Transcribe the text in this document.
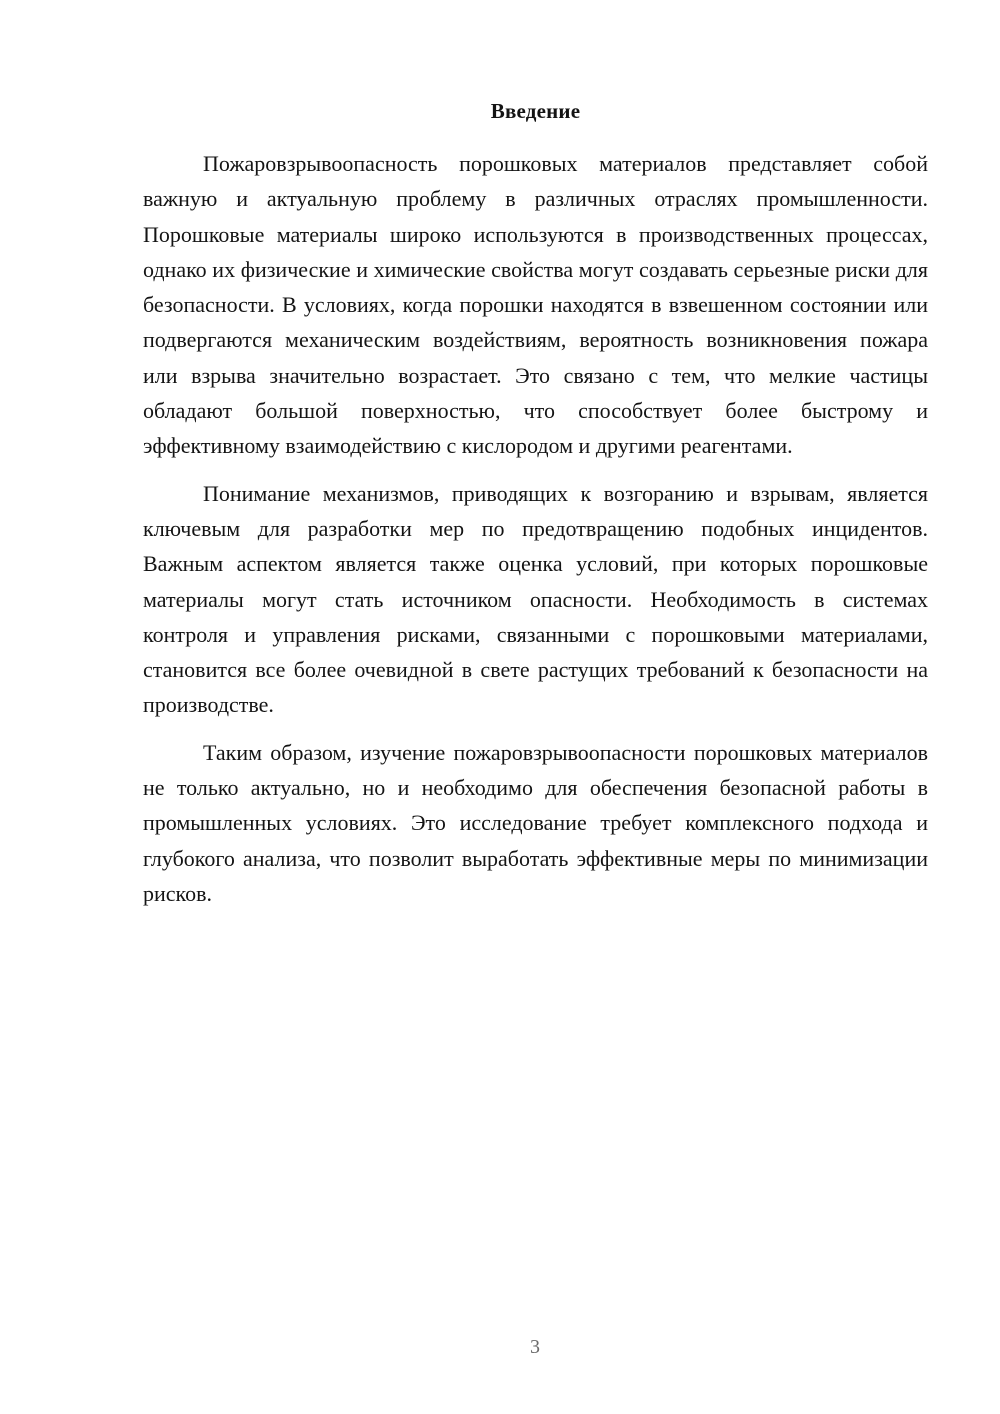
Введение

Пожаровзрывоопасность порошковых материалов представляет собой важную и актуальную проблему в различных отраслях промышленности. Порошковые материалы широко используются в производственных процессах, однако их физические и химические свойства могут создавать серьезные риски для безопасности. В условиях, когда порошки находятся в взвешенном состоянии или подвергаются механическим воздействиям, вероятность возникновения пожара или взрыва значительно возрастает. Это связано с тем, что мелкие частицы обладают большой поверхностью, что способствует более быстрому и эффективному взаимодействию с кислородом и другими реагентами.

Понимание механизмов, приводящих к возгоранию и взрывам, является ключевым для разработки мер по предотвращению подобных инцидентов. Важным аспектом является также оценка условий, при которых порошковые материалы могут стать источником опасности. Необходимость в системах контроля и управления рисками, связанными с порошковыми материалами, становится все более очевидной в свете растущих требований к безопасности на производстве.

Таким образом, изучение пожаровзрывоопасности порошковых материалов не только актуально, но и необходимо для обеспечения безопасной работы в промышленных условиях. Это исследование требует комплексного подхода и глубокого анализа, что позволит выработать эффективные меры по минимизации рисков.

3
